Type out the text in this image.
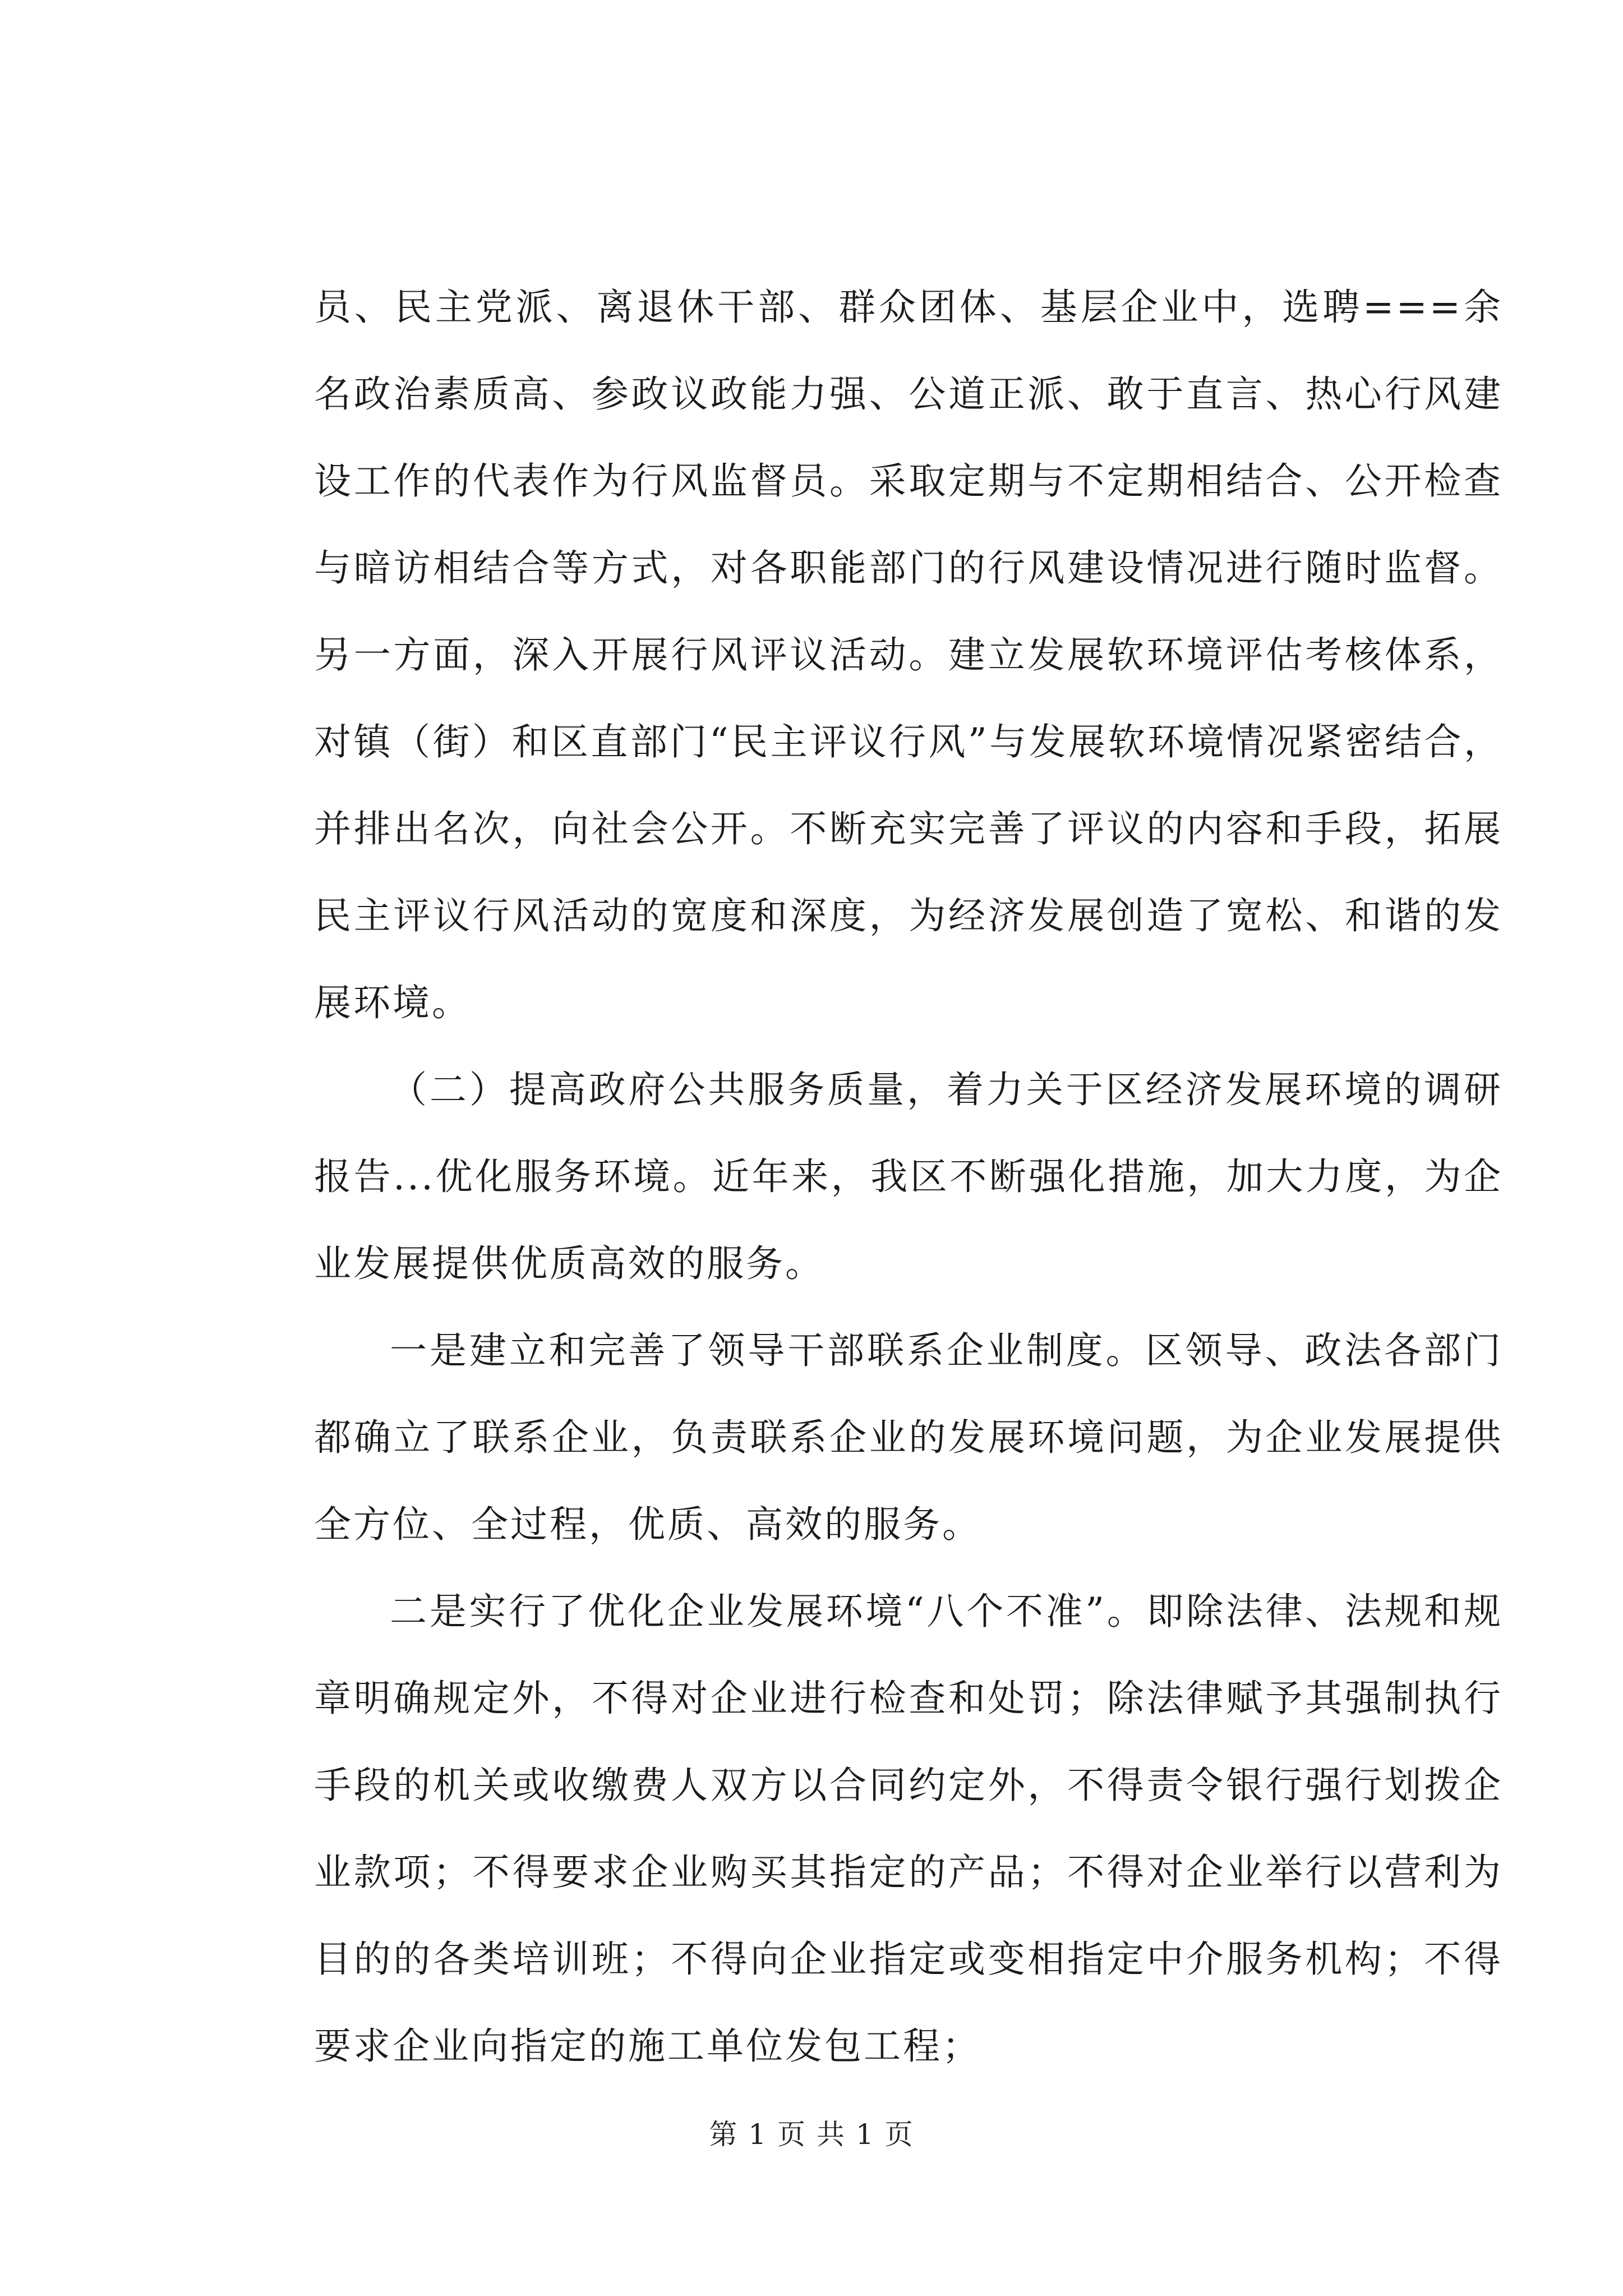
员、民主党派、离退休干部、群众团体、基层企业中，选聘===余名政治素质高、参政议政能力强、公道正派、敢于直言、热心行风建设工作的代表作为行风监督员。采取定期与不定期相结合、公开检查与暗访相结合等方式，对各职能部门的行风建设情况进行随时监督。另一方面，深入开展行风评议活动。建立发展软环境评估考核体系，对镇（街）和区直部门“民主评议行风”与发展软环境情况紧密结合，并排出名次，向社会公开。不断充实完善了评议的内容和手段，拓展民主评议行风活动的宽度和深度，为经济发展创造了宽松、和谐的发展环境。

（二）提高政府公共服务质量，着力关于区经济发展环境的调研报告...优化服务环境。近年来，我区不断强化措施，加大力度，为企业发展提供优质高效的服务。

一是建立和完善了领导干部联系企业制度。区领导、政法各部门都确立了联系企业，负责联系企业的发展环境问题，为企业发展提供全方位、全过程，优质、高效的服务。

二是实行了优化企业发展环境“八个不准”。即除法律、法规和规章明确规定外，不得对企业进行检查和处罚；除法律赋予其强制执行手段的机关或收缴费人双方以合同约定外，不得责令银行强行划拨企业款项；不得要求企业购买其指定的产品；不得对企业举行以营利为目的的各类培训班；不得向企业指定或变相指定中介服务机构；不得要求企业向指定的施工单位发包工程；

第 1 页 共 1 页
